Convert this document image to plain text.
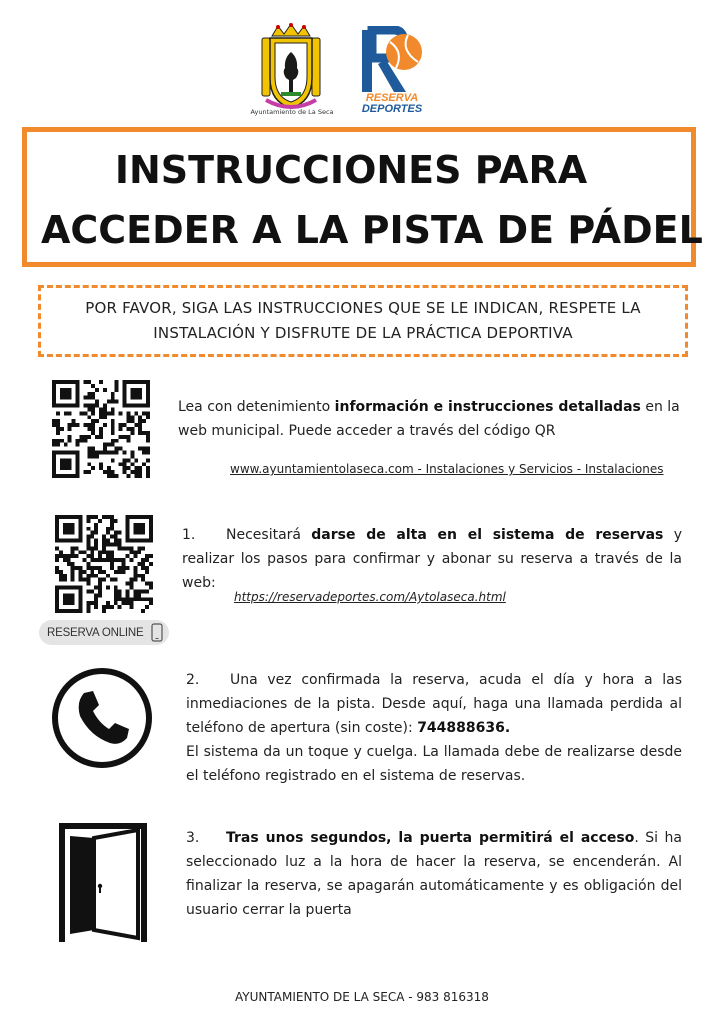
Ayuntamiento de La Seca
RESERVA
DEPORTES
INSTRUCCIONES PARA
ACCEDER A LA PISTA DE PÁDEL
POR FAVOR, SIGA LAS INSTRUCCIONES QUE SE LE INDICAN, RESPETE LA
INSTALACIÓN Y DISFRUTE DE LA PRÁCTICA DEPORTIVA
Lea con detenimiento información e instrucciones detalladas en la web municipal. Puede acceder a través del código QR
www.ayuntamientolaseca.com - Instalaciones y Servicios - Instalaciones
1. Necesitará darse de alta en el sistema de reservas y realizar los pasos para confirmar y abonar su reserva a través de la web:
https://reservadeportes.com/Aytolaseca.html
RESERVA ONLINE
2. Una vez confirmada la reserva, acuda el día y hora a las inmediaciones de la pista. Desde aquí, haga una llamada perdida al teléfono de apertura (sin coste): 744888636.
El sistema da un toque y cuelga. La llamada debe de realizarse desde el teléfono registrado en el sistema de reservas.
3. Tras unos segundos, la puerta permitirá el acceso. Si ha seleccionado luz a la hora de hacer la reserva, se encenderán. Al finalizar la reserva, se apagarán automáticamente y es obligación del usuario cerrar la puerta
AYUNTAMIENTO DE LA SECA - 983 816318
